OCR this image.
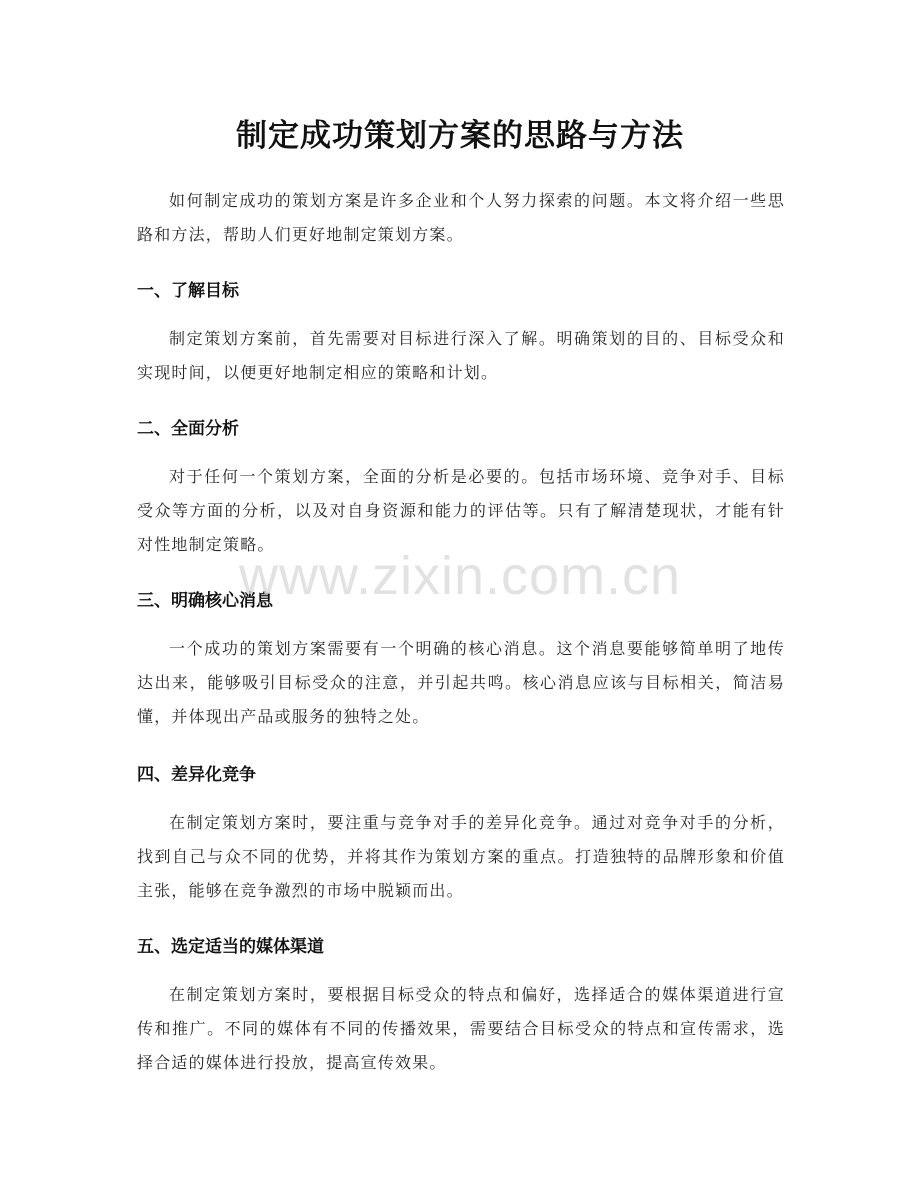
制定成功策划方案的思路与方法

如何制定成功的策划方案是许多企业和个人努力探索的问题。本文将介绍一些思路和方法，帮助人们更好地制定策划方案。

一、了解目标

制定策划方案前，首先需要对目标进行深入了解。明确策划的目的、目标受众和实现时间，以便更好地制定相应的策略和计划。

二、全面分析

对于任何一个策划方案，全面的分析是必要的。包括市场环境、竞争对手、目标受众等方面的分析，以及对自身资源和能力的评估等。只有了解清楚现状，才能有针对性地制定策略。

三、明确核心消息

一个成功的策划方案需要有一个明确的核心消息。这个消息要能够简单明了地传达出来，能够吸引目标受众的注意，并引起共鸣。核心消息应该与目标相关，简洁易懂，并体现出产品或服务的独特之处。

四、差异化竞争

在制定策划方案时，要注重与竞争对手的差异化竞争。通过对竞争对手的分析，找到自己与众不同的优势，并将其作为策划方案的重点。打造独特的品牌形象和价值主张，能够在竞争激烈的市场中脱颖而出。

五、选定适当的媒体渠道

在制定策划方案时，要根据目标受众的特点和偏好，选择适合的媒体渠道进行宣传和推广。不同的媒体有不同的传播效果，需要结合目标受众的特点和宣传需求，选择合适的媒体进行投放，提高宣传效果。

www.zixin.com.cn
